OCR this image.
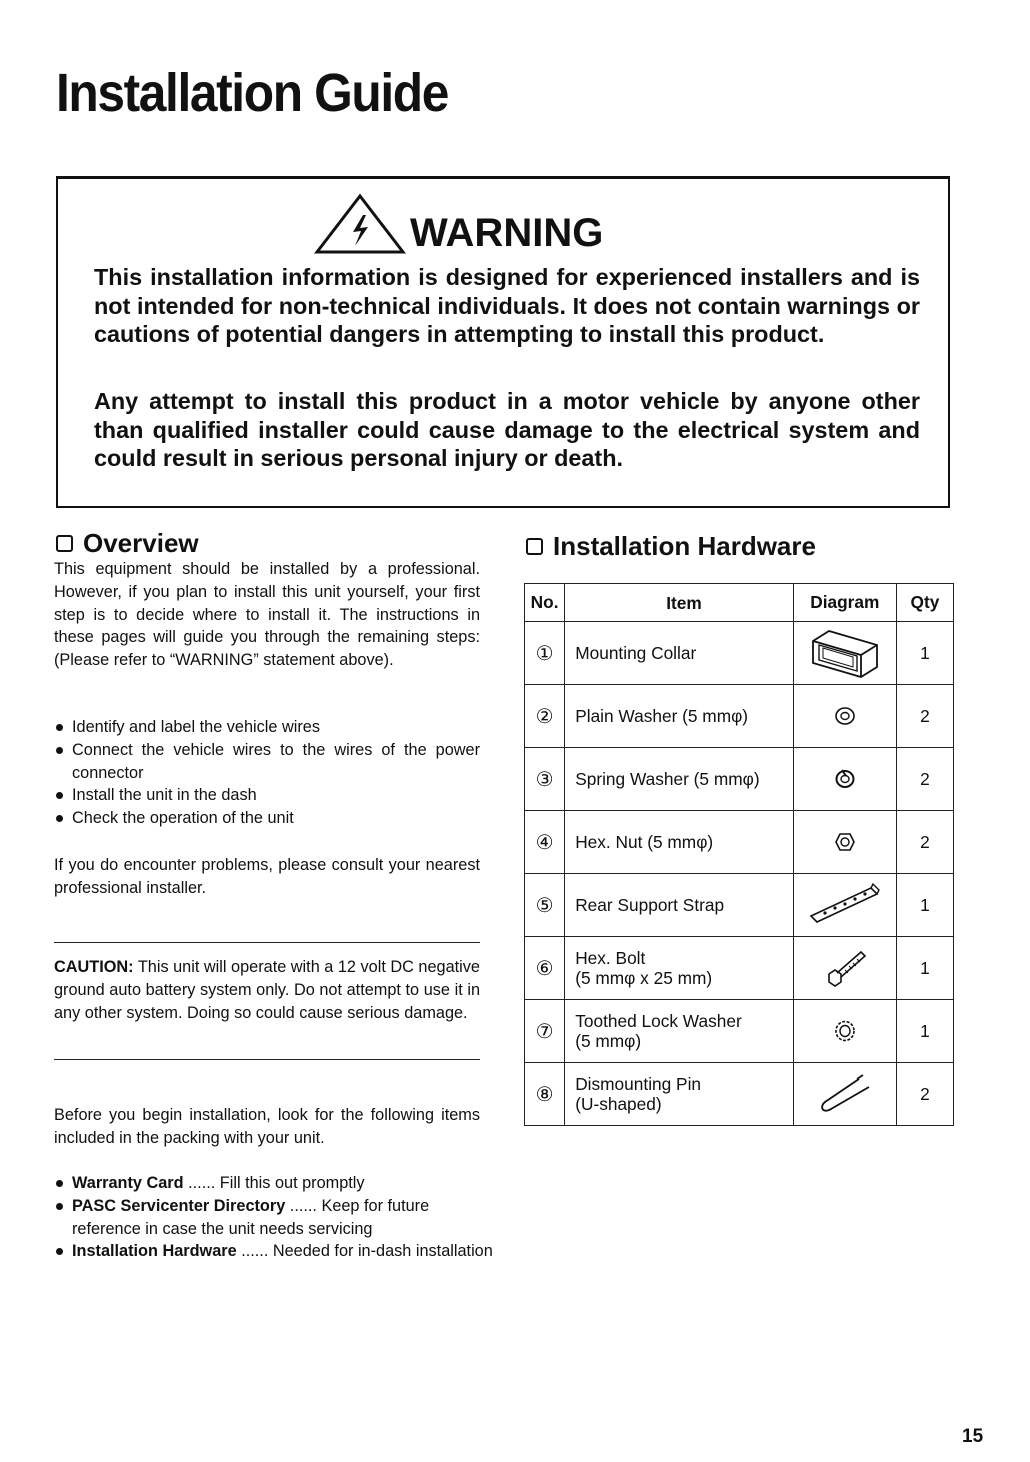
Installation Guide
WARNING

This installation information is designed for experienced installers and is not intended for non-technical individuals. It does not contain warnings or cautions of potential dangers in attempting to install this product.

Any attempt to install this product in a motor vehicle by anyone other than qualified installer could cause damage to the electrical system and could result in serious personal injury or death.

Overview

This equipment should be installed by a professional. However, if you plan to install this unit yourself, your first step is to decide where to install it. The instructions in these pages will guide you through the remaining steps: (Please refer to “WARNING” statement above).

Identify and label the vehicle wires
Connect the vehicle wires to the wires of the power connector
Install the unit in the dash
Check the operation of the unit

If you do encounter problems, please consult your nearest professional installer.

CAUTION: This unit will operate with a 12 volt DC negative ground auto battery system only. Do not attempt to use it in any other system. Doing so could cause serious damage.

Before you begin installation, look for the following items included in the packing with your unit.

Warranty Card ...... Fill this out promptly
PASC Servicenter Directory ...... Keep for future reference in case the unit needs servicing
Installation Hardware ...... Needed for in-dash installation
Installation Hardware
No.	Item	Diagram	Qty
①	Mounting Collar		1
②	Plain Washer (5 mmφ)		2
③	Spring Washer (5 mmφ)		2
④	Hex. Nut (5 mmφ)		2
⑤	Rear Support Strap		1
⑥	Hex. Bolt
(5 mmφ x 25 mm)		1
⑦	Toothed Lock Washer
(5 mmφ)		1
⑧	Dismounting Pin
(U-shaped)		2
15
